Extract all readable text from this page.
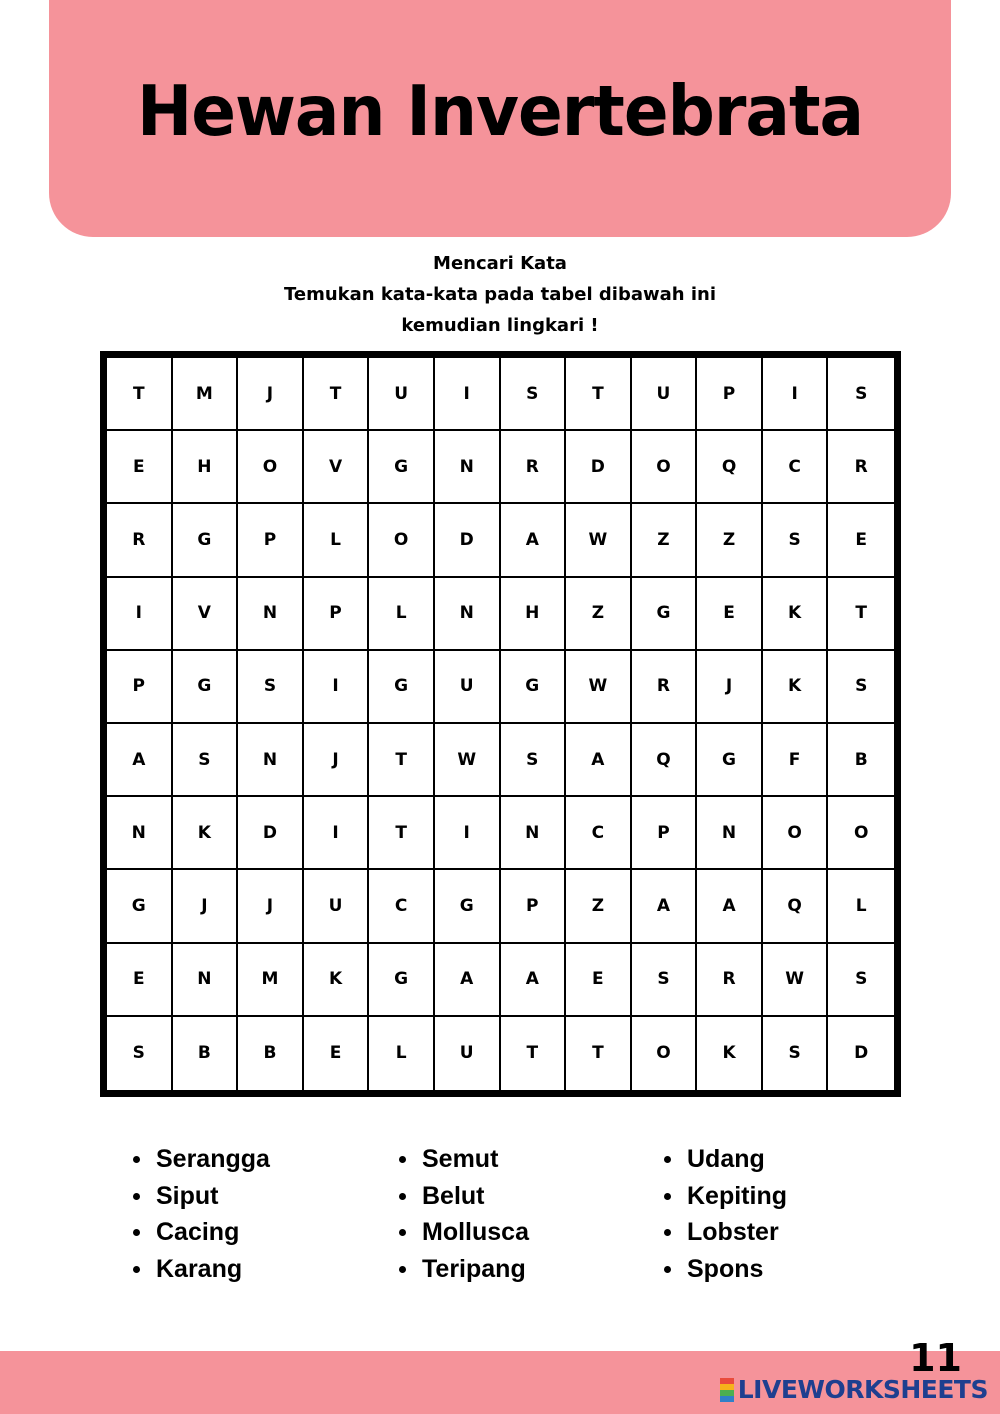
Hewan Invertebrata
Mencari Kata
Temukan kata-kata pada tabel dibawah ini
kemudian lingkari !
T	M	J	T	U	I	S	T	U	P	I	S
E	H	O	V	G	N	R	D	O	Q	C	R
R	G	P	L	O	D	A	W	Z	Z	S	E
I	V	N	P	L	N	H	Z	G	E	K	T
P	G	S	I	G	U	G	W	R	J	K	S
A	S	N	J	T	W	S	A	Q	G	F	B
N	K	D	I	T	I	N	C	P	N	O	O
G	J	J	U	C	G	P	Z	A	A	Q	L
E	N	M	K	G	A	A	E	S	R	W	S
S	B	B	E	L	U	T	T	O	K	S	D
Serangga
Siput
Cacing
Karang
Semut
Belut
Mollusca
Teripang
Udang
Kepiting
Lobster
Spons
11
LIVEWORKSHEETS
